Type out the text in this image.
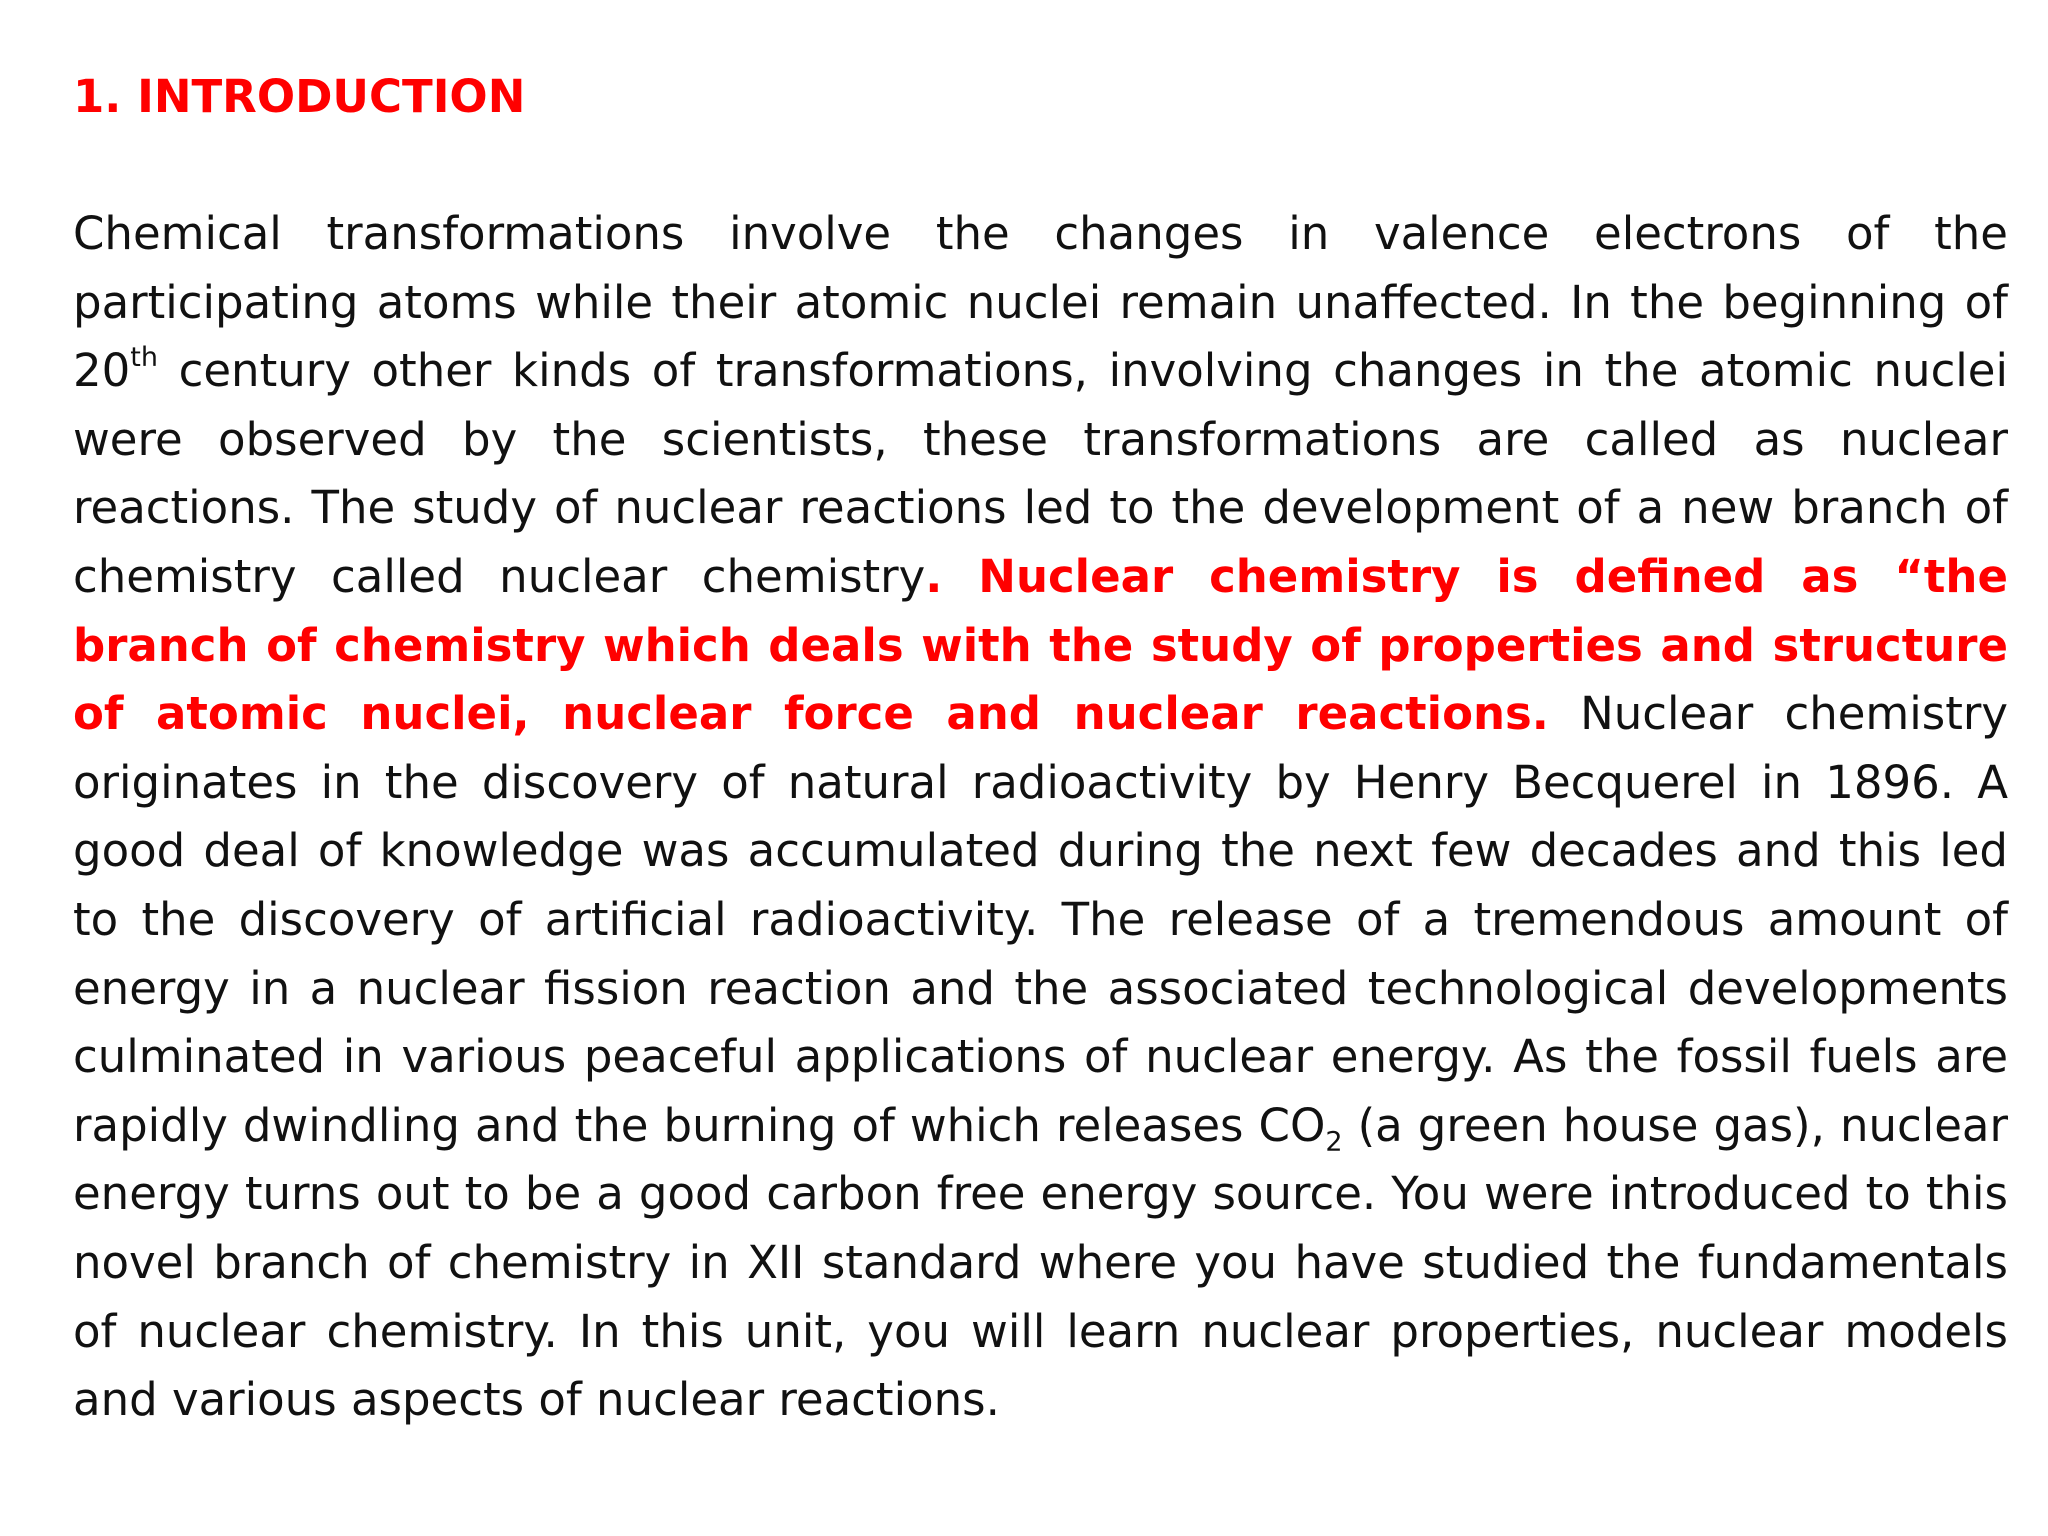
1. INTRODUCTION

Chemical transformations involve the changes in valence electrons of the participating atoms while their atomic nuclei remain unaffected. In the beginning of 20th century other kinds of transformations, involving changes in the atomic nuclei were observed by the scientists, these transformations are called as nuclear reactions. The study of nuclear reactions led to the development of a new branch of chemistry called nuclear chemistry. Nuclear chemistry is defined as “the branch of chemistry which deals with the study of properties and structure of atomic nuclei, nuclear force and nuclear reactions. Nuclear chemistry originates in the discovery of natural radioactivity by Henry Becquerel in 1896. A good deal of knowledge was accumulated during the next few decades and this led to the discovery of artificial radioactivity. The release of a tremendous amount of energy in a nuclear fission reaction and the associated technological developments culminated in various peaceful applications of nuclear energy. As the fossil fuels are rapidly dwindling and the burning of which releases $CO_2$ (a green house gas), nuclear energy turns out to be a good carbon free energy source. You were introduced to this novel branch of chemistry in XII standard where you have studied the fundamentals of nuclear chemistry. In this unit, you will learn nuclear properties, nuclear models and various aspects of nuclear reactions.
